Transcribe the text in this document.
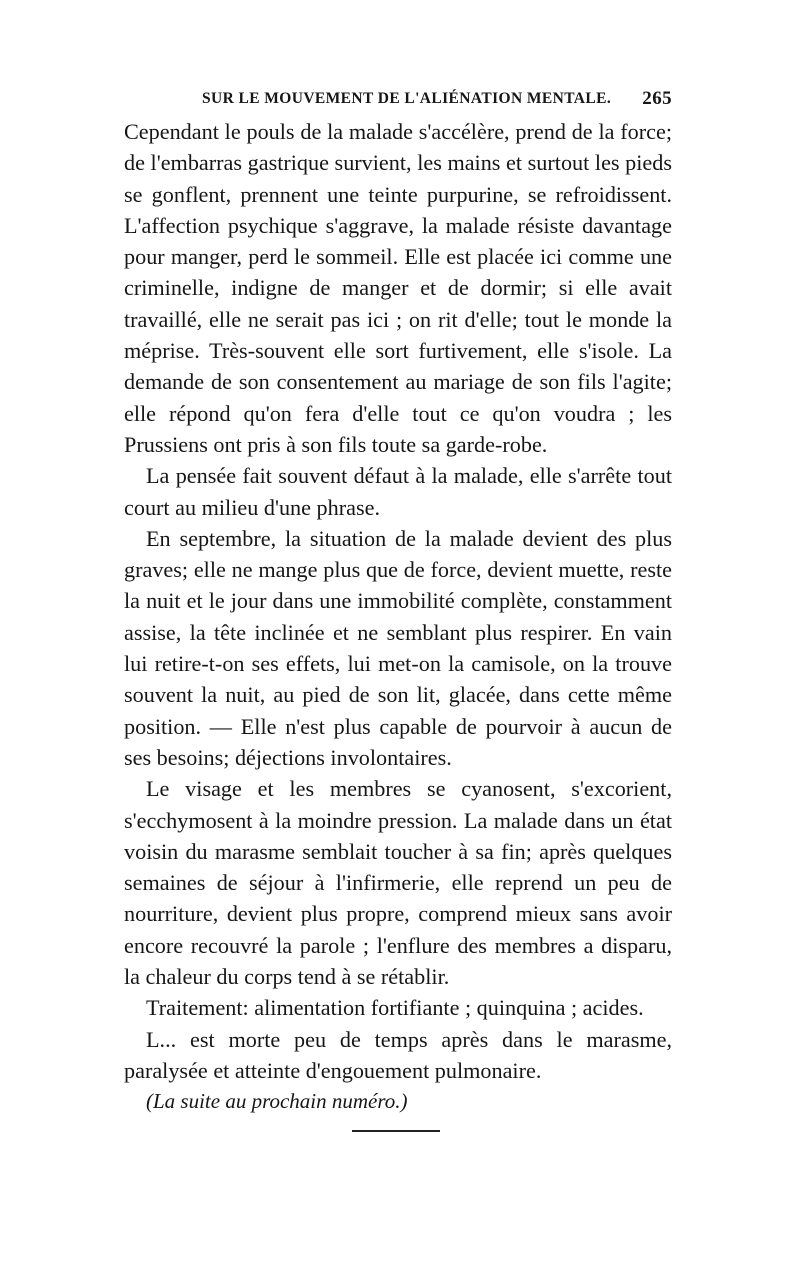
SUR LE MOUVEMENT DE L'ALIÉNATION MENTALE. 265

Cependant le pouls de la malade s'accélère, prend de la force; de l'embarras gastrique survient, les mains et surtout les pieds se gonflent, prennent une teinte purpurine, se refroidissent. L'affection psychique s'aggrave, la malade résiste davantage pour manger, perd le sommeil. Elle est placée ici comme une criminelle, indigne de manger et de dormir; si elle avait travaillé, elle ne serait pas ici ; on rit d'elle; tout le monde la méprise. Très-souvent elle sort furtivement, elle s'isole. La demande de son consentement au mariage de son fils l'agite; elle répond qu'on fera d'elle tout ce qu'on voudra ; les Prussiens ont pris à son fils toute sa garde-robe.

La pensée fait souvent défaut à la malade, elle s'arrête tout court au milieu d'une phrase.

En septembre, la situation de la malade devient des plus graves; elle ne mange plus que de force, devient muette, reste la nuit et le jour dans une immobilité complète, constamment assise, la tête inclinée et ne semblant plus respirer. En vain lui retire-t-on ses effets, lui met-on la camisole, on la trouve souvent la nuit, au pied de son lit, glacée, dans cette même position. — Elle n'est plus capable de pourvoir à aucun de ses besoins; déjections involontaires.

Le visage et les membres se cyanosent, s'excorient, s'ecchymosent à la moindre pression. La malade dans un état voisin du marasme semblait toucher à sa fin; après quelques semaines de séjour à l'infirmerie, elle reprend un peu de nourriture, devient plus propre, comprend mieux sans avoir encore recouvré la parole ; l'enflure des membres a disparu, la chaleur du corps tend à se rétablir.

Traitement: alimentation fortifiante ; quinquina ; acides.

L... est morte peu de temps après dans le marasme, paralysée et atteinte d'engouement pulmonaire.

(La suite au prochain numéro.)
